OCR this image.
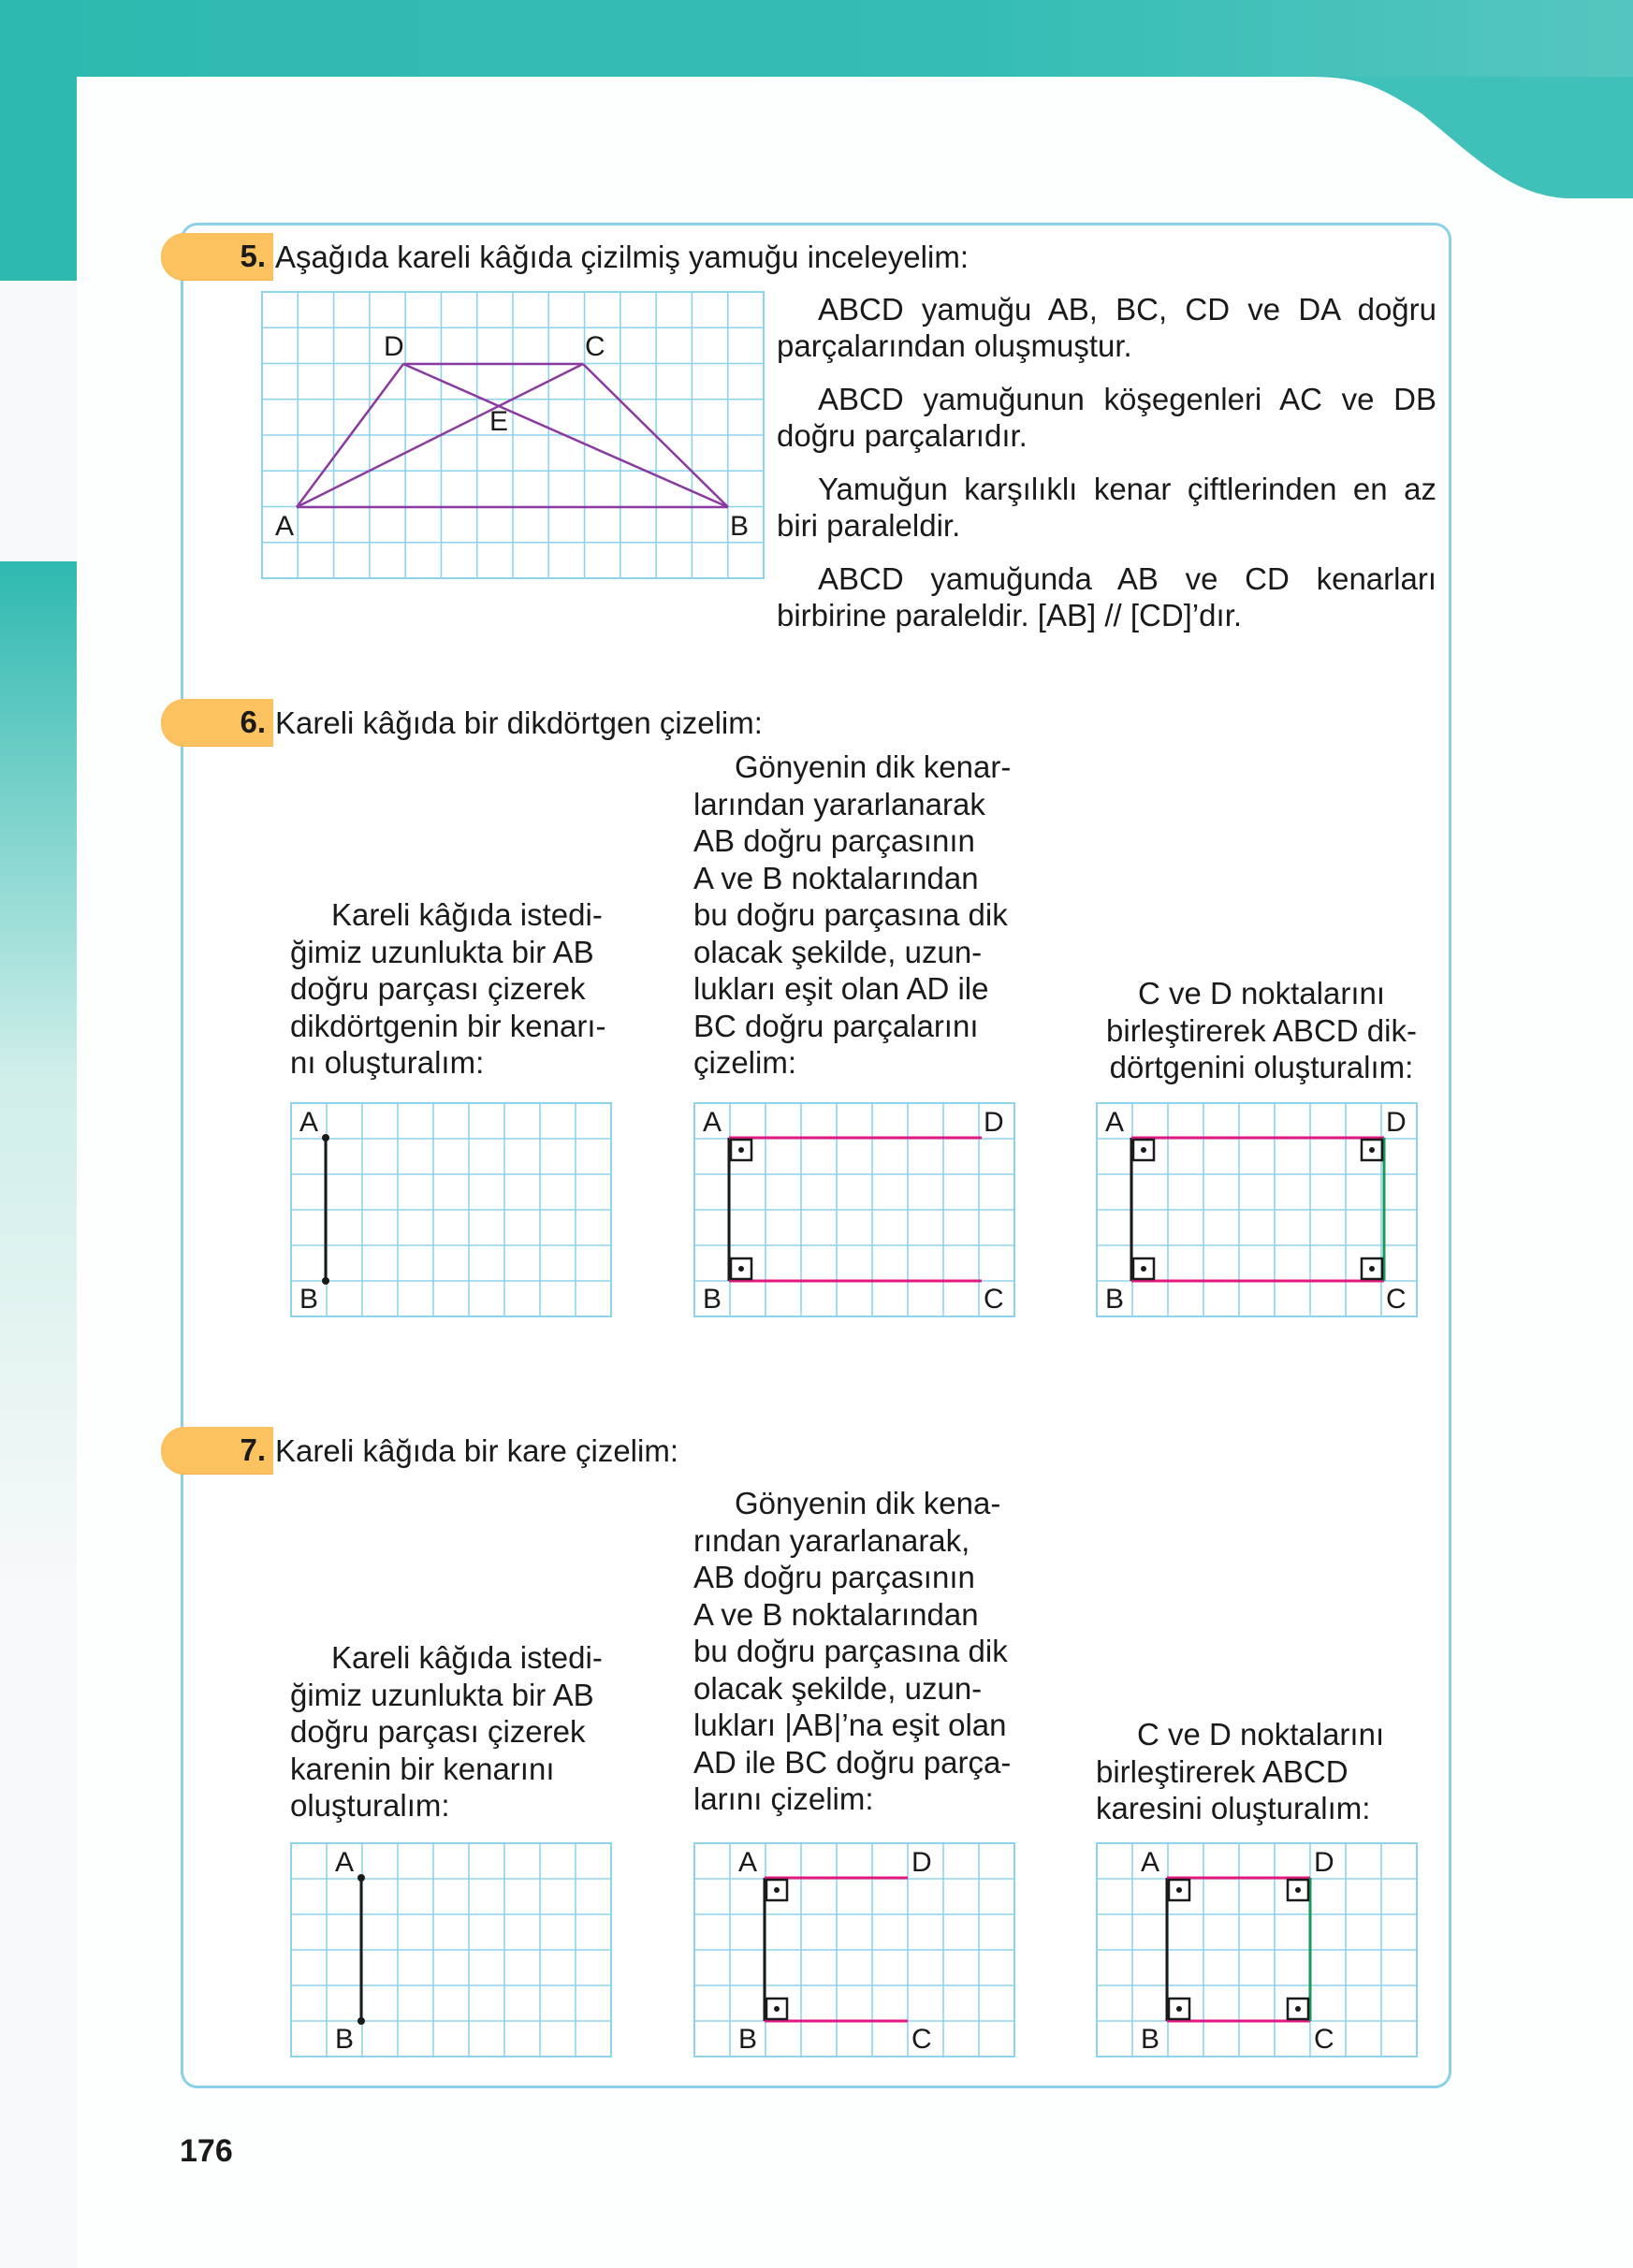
5. Aşağıda kareli kâğıda çizilmiş yamuğu inceleyelim:
A	B
C
D
E

ABCD yamuğu AB, BC, CD ve DA doğru parçalarından oluşmuştur.

ABCD yamuğunun köşegenleri AC ve DB doğru parçalarıdır.

Yamuğun karşılıklı kenar çiftlerinden en az biri paraleldir.

ABCD yamuğunda AB ve CD kenarları birbirine paraleldir. [AB] // [CD]’dır.

6. Kareli kâğıda bir dikdörtgen çizelim:

Kareli kâğıda istedi-

ğimiz uzunlukta bir AB

doğru parçası çizerek

dikdörtgenin bir kenarı-

nı oluşturalım:

Gönyenin dik kenar-

larından yararlanarak

AB doğru parçasının

A ve B noktalarından

bu doğru parçasına dik

olacak şekilde, uzun-

lukları eşit olan AD ile

BC doğru parçalarını

çizelim:

C ve D noktalarını

birleştirerek ABCD dik-

dörtgenini oluşturalım:

A
B
A
B
D
C
A
B
D
C
7. Kareli kâğıda bir kare çizelim:

Kareli kâğıda istedi-

ğimiz uzunlukta bir AB

doğru parçası çizerek

karenin bir kenarını

oluşturalım:

Gönyenin dik kena-

rından yararlanarak,

AB doğru parçasının

A ve B noktalarından

bu doğru parçasına dik

olacak şekilde, uzun-

lukları |AB|’na eşit olan

AD ile BC doğru parça-

larını çizelim:

C ve D noktalarını

birleştirerek ABCD

karesini oluşturalım:

A
B
A
B
D
C
A
B
D
C
176
